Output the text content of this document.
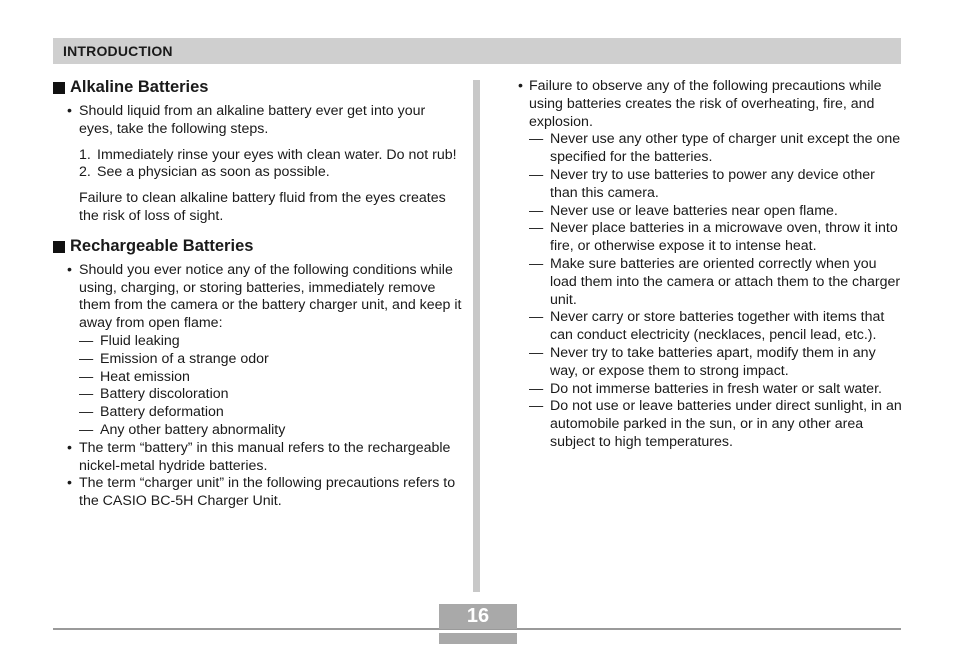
INTRODUCTION
Alkaline Batteries
• Should liquid from an alkaline battery ever get into your eyes, take the following steps.
1. Immediately rinse your eyes with clean water. Do not rub!
2. See a physician as soon as possible.
Failure to clean alkaline battery fluid from the eyes creates the risk of loss of sight.
Rechargeable Batteries
• Should you ever notice any of the following conditions while using, charging, or storing batteries, immediately remove them from the camera or the battery charger unit, and keep it away from open flame:
— Fluid leaking
— Emission of a strange odor
— Heat emission
— Battery discoloration
— Battery deformation
— Any other battery abnormality
• The term “battery” in this manual refers to the rechargeable nickel-metal hydride batteries.
• The term “charger unit” in the following precautions refers to the CASIO BC-5H Charger Unit.
• Failure to observe any of the following precautions while using batteries creates the risk of overheating, fire, and explosion.
— Never use any other type of charger unit except the one specified for the batteries.
— Never try to use batteries to power any device other than this camera.
— Never use or leave batteries near open flame.
— Never place batteries in a microwave oven, throw it into fire, or otherwise expose it to intense heat.
— Make sure batteries are oriented correctly when you load them into the camera or attach them to the charger unit.
— Never carry or store batteries together with items that can conduct electricity (necklaces, pencil lead, etc.).
— Never try to take batteries apart, modify them in any way, or expose them to strong impact.
— Do not immerse batteries in fresh water or salt water.
— Do not use or leave batteries under direct sunlight, in an automobile parked in the sun, or in any other area subject to high temperatures.
16
